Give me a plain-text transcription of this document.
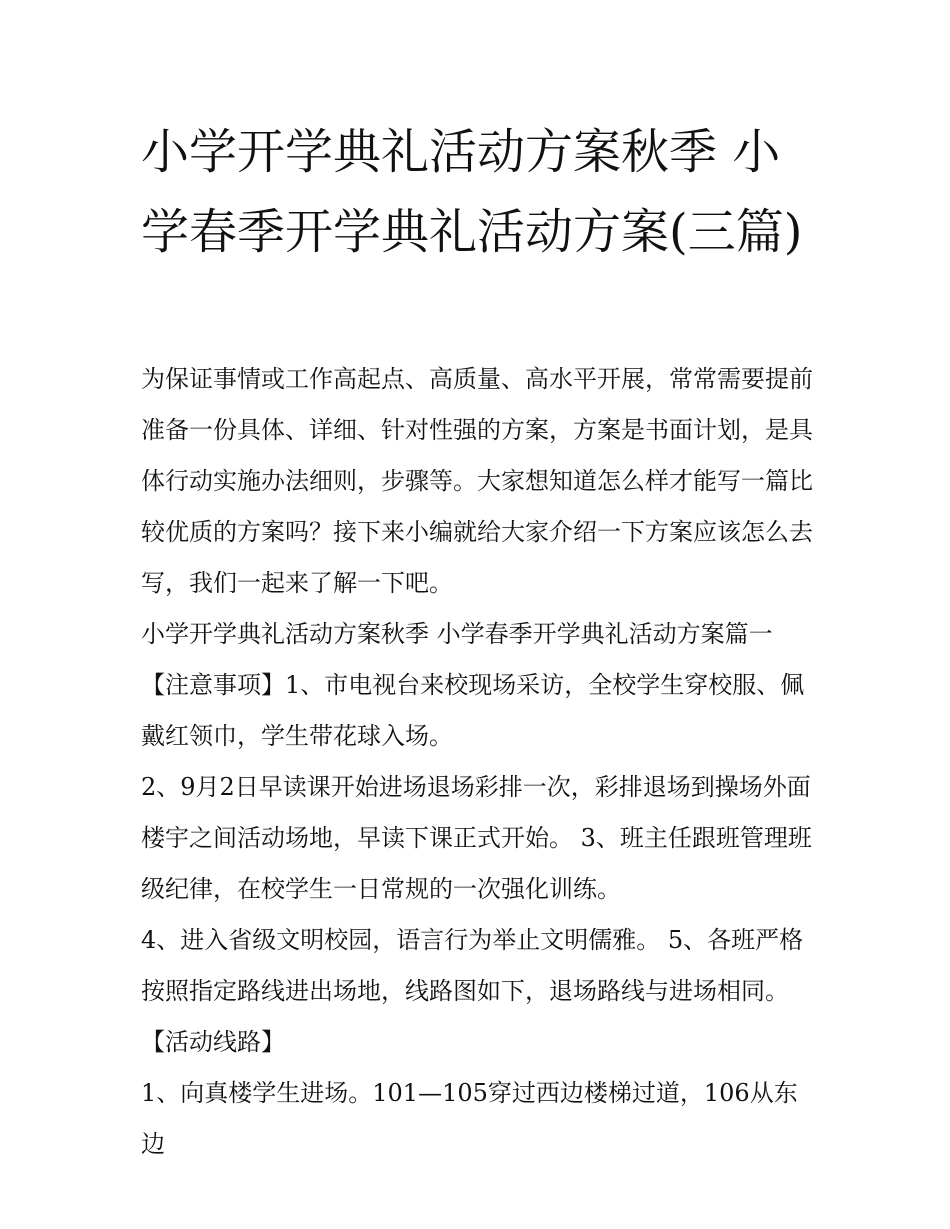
小学开学典礼活动方案秋季 小学春季开学典礼活动方案(三篇)

为保证事情或工作高起点、高质量、高水平开展，常常需要提前准备一份具体、详细、针对性强的方案，方案是书面计划，是具体行动实施办法细则，步骤等。大家想知道怎么样才能写一篇比较优质的方案吗？接下来小编就给大家介绍一下方案应该怎么去写，我们一起来了解一下吧。

小学开学典礼活动方案秋季 小学春季开学典礼活动方案篇一

【注意事项】1、市电视台来校现场采访，全校学生穿校服、佩戴红领巾，学生带花球入场。

2、9月2日早读课开始进场退场彩排一次，彩排退场到操场外面楼宇之间活动场地，早读下课正式开始。 3、班主任跟班管理班级纪律，在校学生一日常规的一次强化训练。

4、进入省级文明校园，语言行为举止文明儒雅。 5、各班严格按照指定路线进出场地，线路图如下，退场路线与进场相同。 【活动线路】

1、向真楼学生进场。101—105穿过西边楼梯过道，106从东边
